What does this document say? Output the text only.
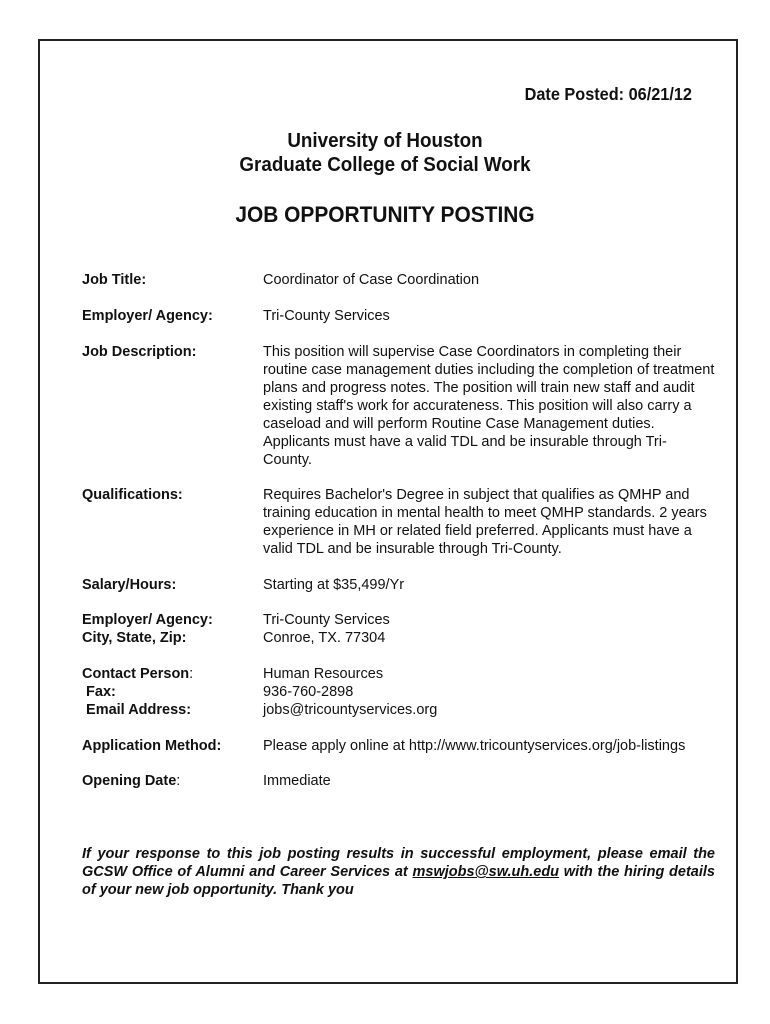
Date Posted: 06/21/12
University of Houston
Graduate College of Social Work
JOB OPPORTUNITY POSTING
Job Title:	Coordinator of Case Coordination
Employer/ Agency:	Tri-County Services
Job Description:	This position will supervise Case Coordinators in completing their routine case management duties including the completion of treatment plans and progress notes. The position will train new staff and audit existing staff's work for accurateness. This position will also carry a caseload and will perform Routine Case Management duties. Applicants must have a valid TDL and be insurable through Tri-County.
Qualifications:	Requires Bachelor's Degree in subject that qualifies as QMHP and training education in mental health to meet QMHP standards. 2 years experience in MH or related field preferred. Applicants must have a valid TDL and be insurable through Tri-County.
Salary/Hours:	Starting at $35,499/Yr
Employer/ Agency:	Tri-County Services
City, State, Zip:	Conroe, TX. 77304
Contact Person:	Human Resources
Fax:	936-760-2898
Email Address:	jobs@tricountyservices.org
Application Method:	Please apply online at http://www.tricountyservices.org/job-listings
Opening Date:	Immediate
If your response to this job posting results in successful employment, please email the GCSW Office of Alumni and Career Services at mswjobs@sw.uh.edu with the hiring details of your new job opportunity. Thank you
